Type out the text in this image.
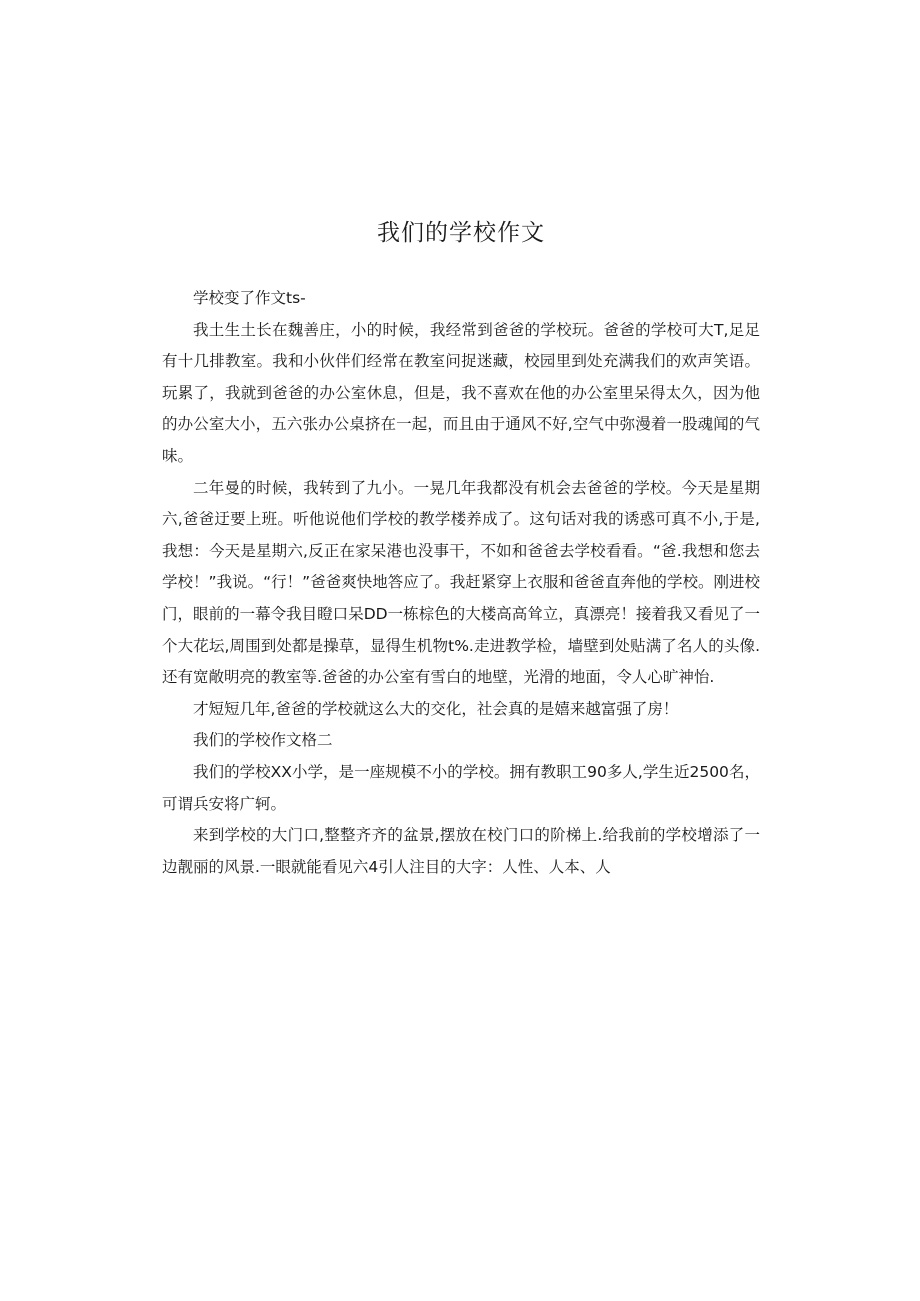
我们的学校作文

学校变了作文ts-

我土生土长在魏善庄，小的时候，我经常到爸爸的学校玩。爸爸的学校可大T,足足有十几排教室。我和小伙伴们经常在教室问捉迷藏，校园里到处充满我们的欢声笑语。玩累了，我就到爸爸的办公室休息，但是，我不喜欢在他的办公室里呆得太久，因为他的办公室大小，五六张办公桌挤在一起，而且由于通风不好,空气中弥漫着一股魂闻的气味。

二年曼的时候，我转到了九小。一晃几年我都没有机会去爸爸的学校。今天是星期六,爸爸迂要上班。听他说他们学校的教学楼养成了。这句话对我的诱惑可真不小,于是,我想：今天是星期六,反正在家呆港也没事干，不如和爸爸去学校看看。“爸.我想和您去学校！”我说。“行！”爸爸爽快地答应了。我赶紧穿上衣服和爸爸直奔他的学校。刚进校门，眼前的一幕令我目瞪口呆DD一栋棕色的大楼高高耸立，真漂亮！接着我又看见了一个大花坛,周围到处都是操草，显得生机物t%.走进教学检，墙壁到处贴满了名人的头像.还有宽敞明亮的教室等.爸爸的办公室有雪白的地壁，光滑的地面，令人心旷神怡.

才短短几年,爸爸的学校就这么大的交化，社会真的是嬉来越富强了房！

我们的学校作文格二

我们的学校XX小学，是一座规模不小的学校。拥有教职工90多人,学生近2500名，可谓兵安将广轲。

来到学校的大门口,整整齐齐的盆景,摆放在校门口的阶梯上.给我前的学校增添了一边靓丽的风景.一眼就能看见六4引人注目的大字：人性、人本、人
